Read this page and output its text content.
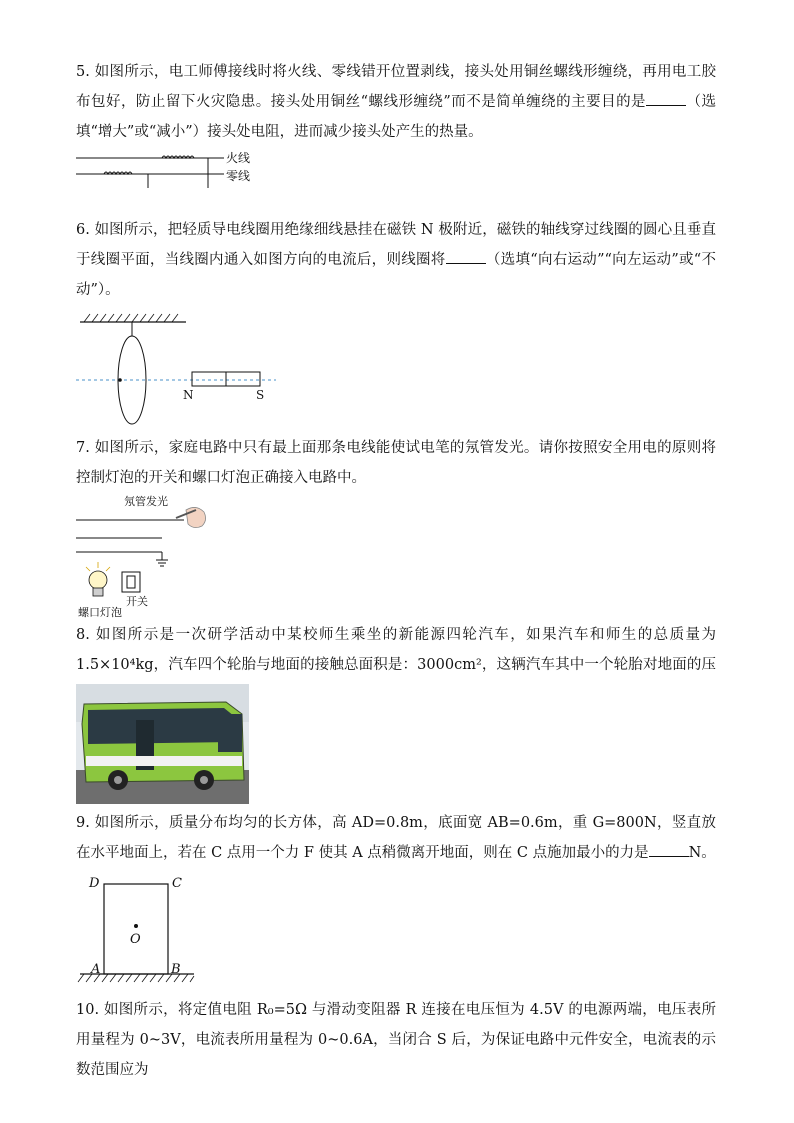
5. 如图所示，电工师傅接线时将火线、零线错开位置剥线，接头处用铜丝螺线形缠绕，再用电工胶布包好，防止留下火灾隐患。接头处用铜丝“螺线形缠绕”而不是简单缠绕的主要目的是	（选填“增大”或“减小”）接头处电阻，进而减少接头处产生的热量。
火线
零线
6. 如图所示，把轻质导电线圈用绝缘细线悬挂在磁铁 N 极附近，磁铁的轴线穿过线圈的圆心且垂直于线圈平面，当线圈内通入如图方向的电流后，则线圈将	（选填“向右运动”“向左运动”或“不动”）。
N	S
7. 如图所示，家庭电路中只有最上面那条电线能使试电笔的氖管发光。请你按照安全用电的原则将控制灯泡的开关和螺口灯泡正确接入电路中。
氖管发光
螺口灯泡
开关
8. 如图所示是一次研学活动中某校师生乘坐的新能源四轮汽车，如果汽车和师生的总质量为 1.5×10⁴kg，汽车四个轮胎与地面的接触总面积是：3000cm²，这辆汽车其中一个轮胎对地面的压
9. 如图所示，质量分布均匀的长方体，高 AD=0.8m，底面宽 AB=0.6m，重 G=800N，竖直放在水平地面上，若在 C 点用一个力 F 使其 A 点稍微离开地面，则在 C 点施加最小的力是	N。
D	C
O
A	B
10. 如图所示，将定值电阻 R₀=5Ω 与滑动变阻器 R 连接在电压恒为 4.5V 的电源两端，电压表所用量程为 0~3V，电流表所用量程为 0~0.6A，当闭合 S 后，为保证电路中元件安全，电流表的示数范围应为
